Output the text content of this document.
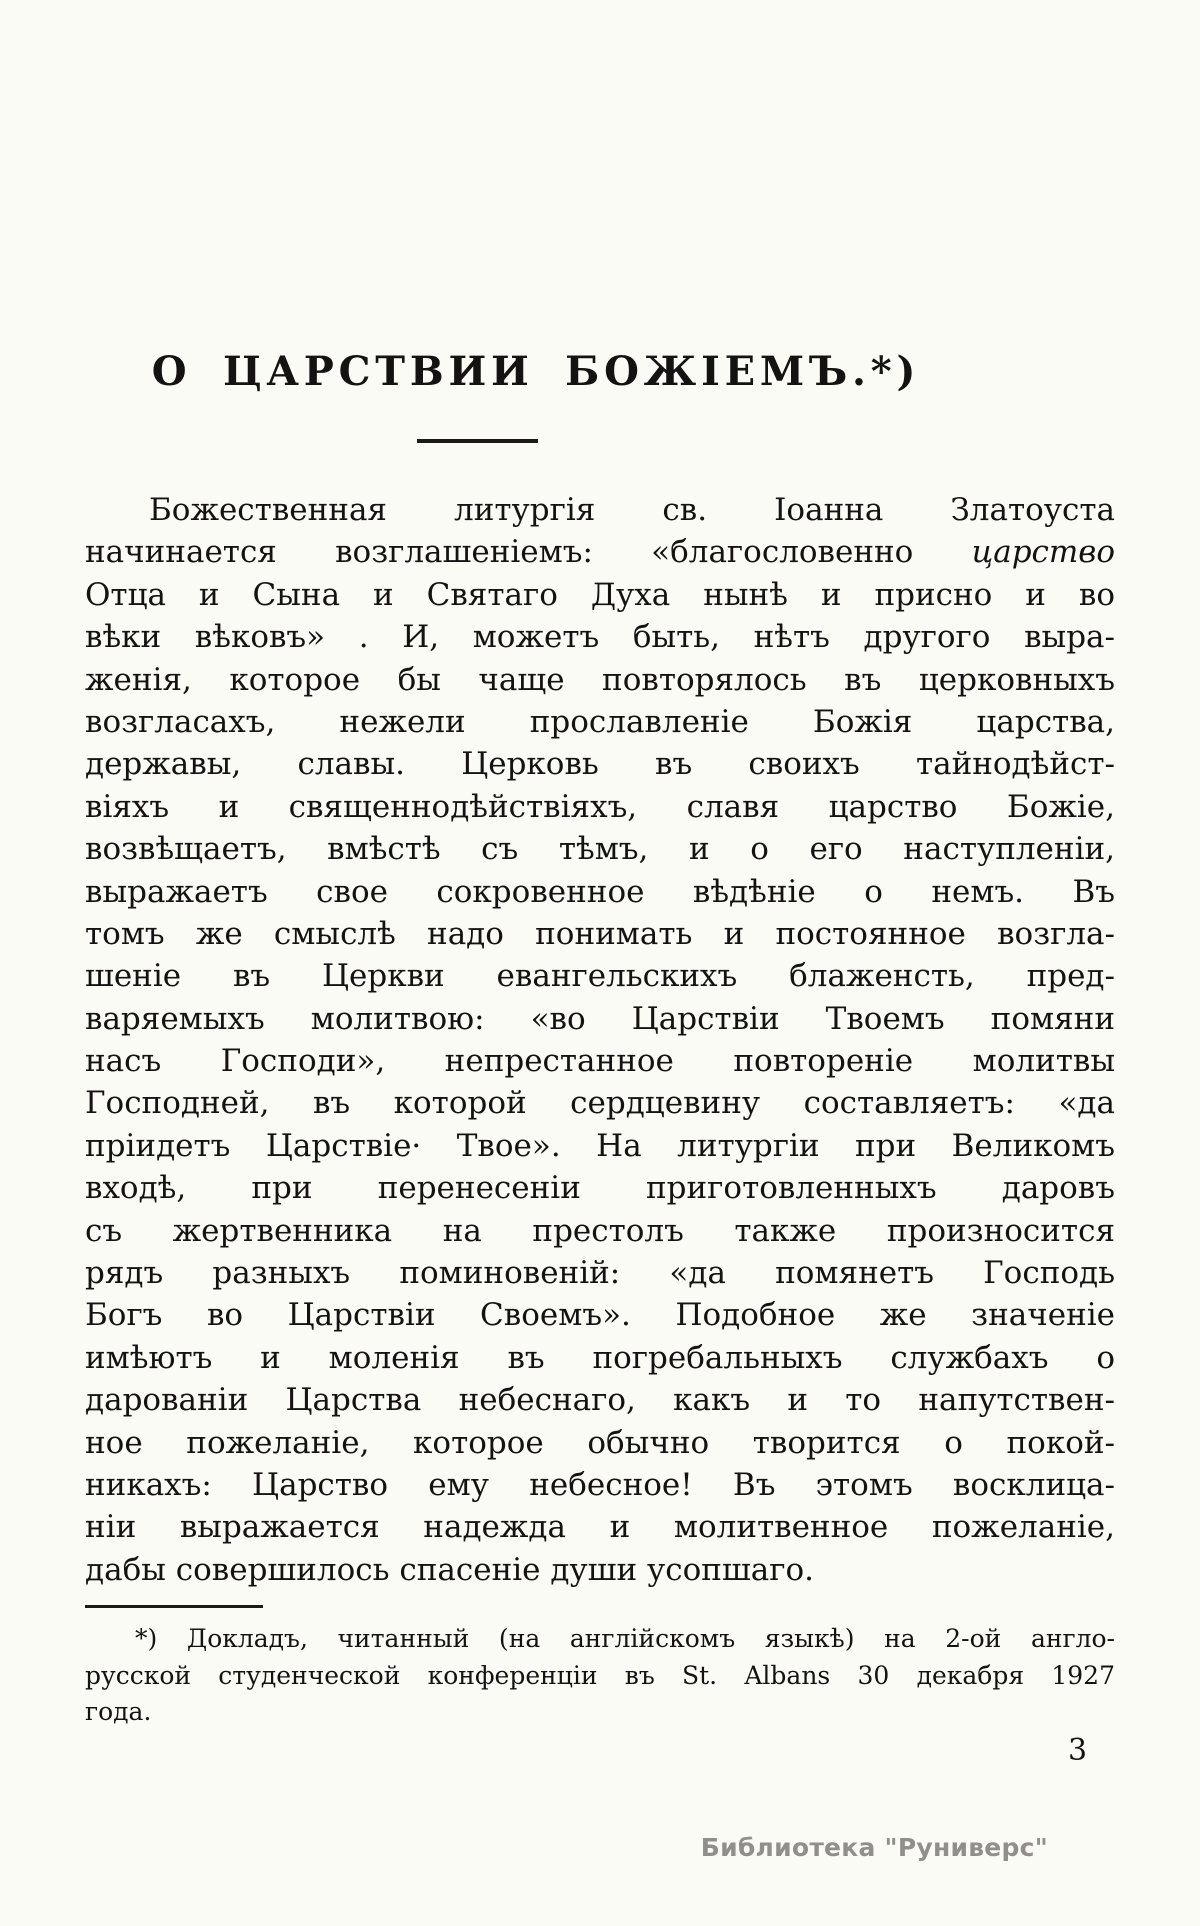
О ЦАРСТВИИ БОЖІЕМЪ.*)
Божественная литургія св. Іоанна Златоуста
начинается возглашеніемъ: «благословенно царство
Отца и Сына и Святаго Духа нынѣ и присно и во
вѣки вѣковъ» . И, можетъ быть, нѣтъ другого выра-
женія, которое бы чаще повторялось въ церковныхъ
возгласахъ, нежели прославленіе Божія царства,
державы, славы. Церковь въ своихъ тайнодѣйст-
віяхъ и священнодѣйствіяхъ, славя царство Божіе,
возвѣщаетъ, вмѣстѣ съ тѣмъ, и о его наступленіи,
выражаетъ свое сокровенное вѣдѣніе о немъ. Въ
томъ же смыслѣ надо понимать и постоянное возгла-
шеніе въ Церкви евангельскихъ блаженсть, пред-
варяемыхъ молитвою: «во Царствіи Твоемъ помяни
насъ Господи», непрестанное повтореніе молитвы
Господней, въ которой сердцевину составляетъ: «да
пріидетъ Царствіе· Твое». На литургіи при Великомъ
входѣ, при перенесеніи приготовленныхъ даровъ
съ жертвенника на престолъ также произносится
рядъ разныхъ поминовеній: «да помянетъ Господь
Богъ во Царствіи Своемъ». Подобное же значеніе
имѣютъ и моленія въ погребальныхъ службахъ о
дарованіи Царства небеснаго, какъ и то напутствен-
ное пожеланіе, которое обычно творится о покой-
никахъ: Царство ему небесное! Въ этомъ восклица-
ніи выражается надежда и молитвенное пожеланіе,
дабы совершилось спасеніе души усопшаго.
*) Докладъ, читанный (на англійскомъ языкѣ) на 2-ой англо-
русской студенческой конференціи въ St. Albans 30 декабря 1927
года.
3
Библиотека "Руниверс"
